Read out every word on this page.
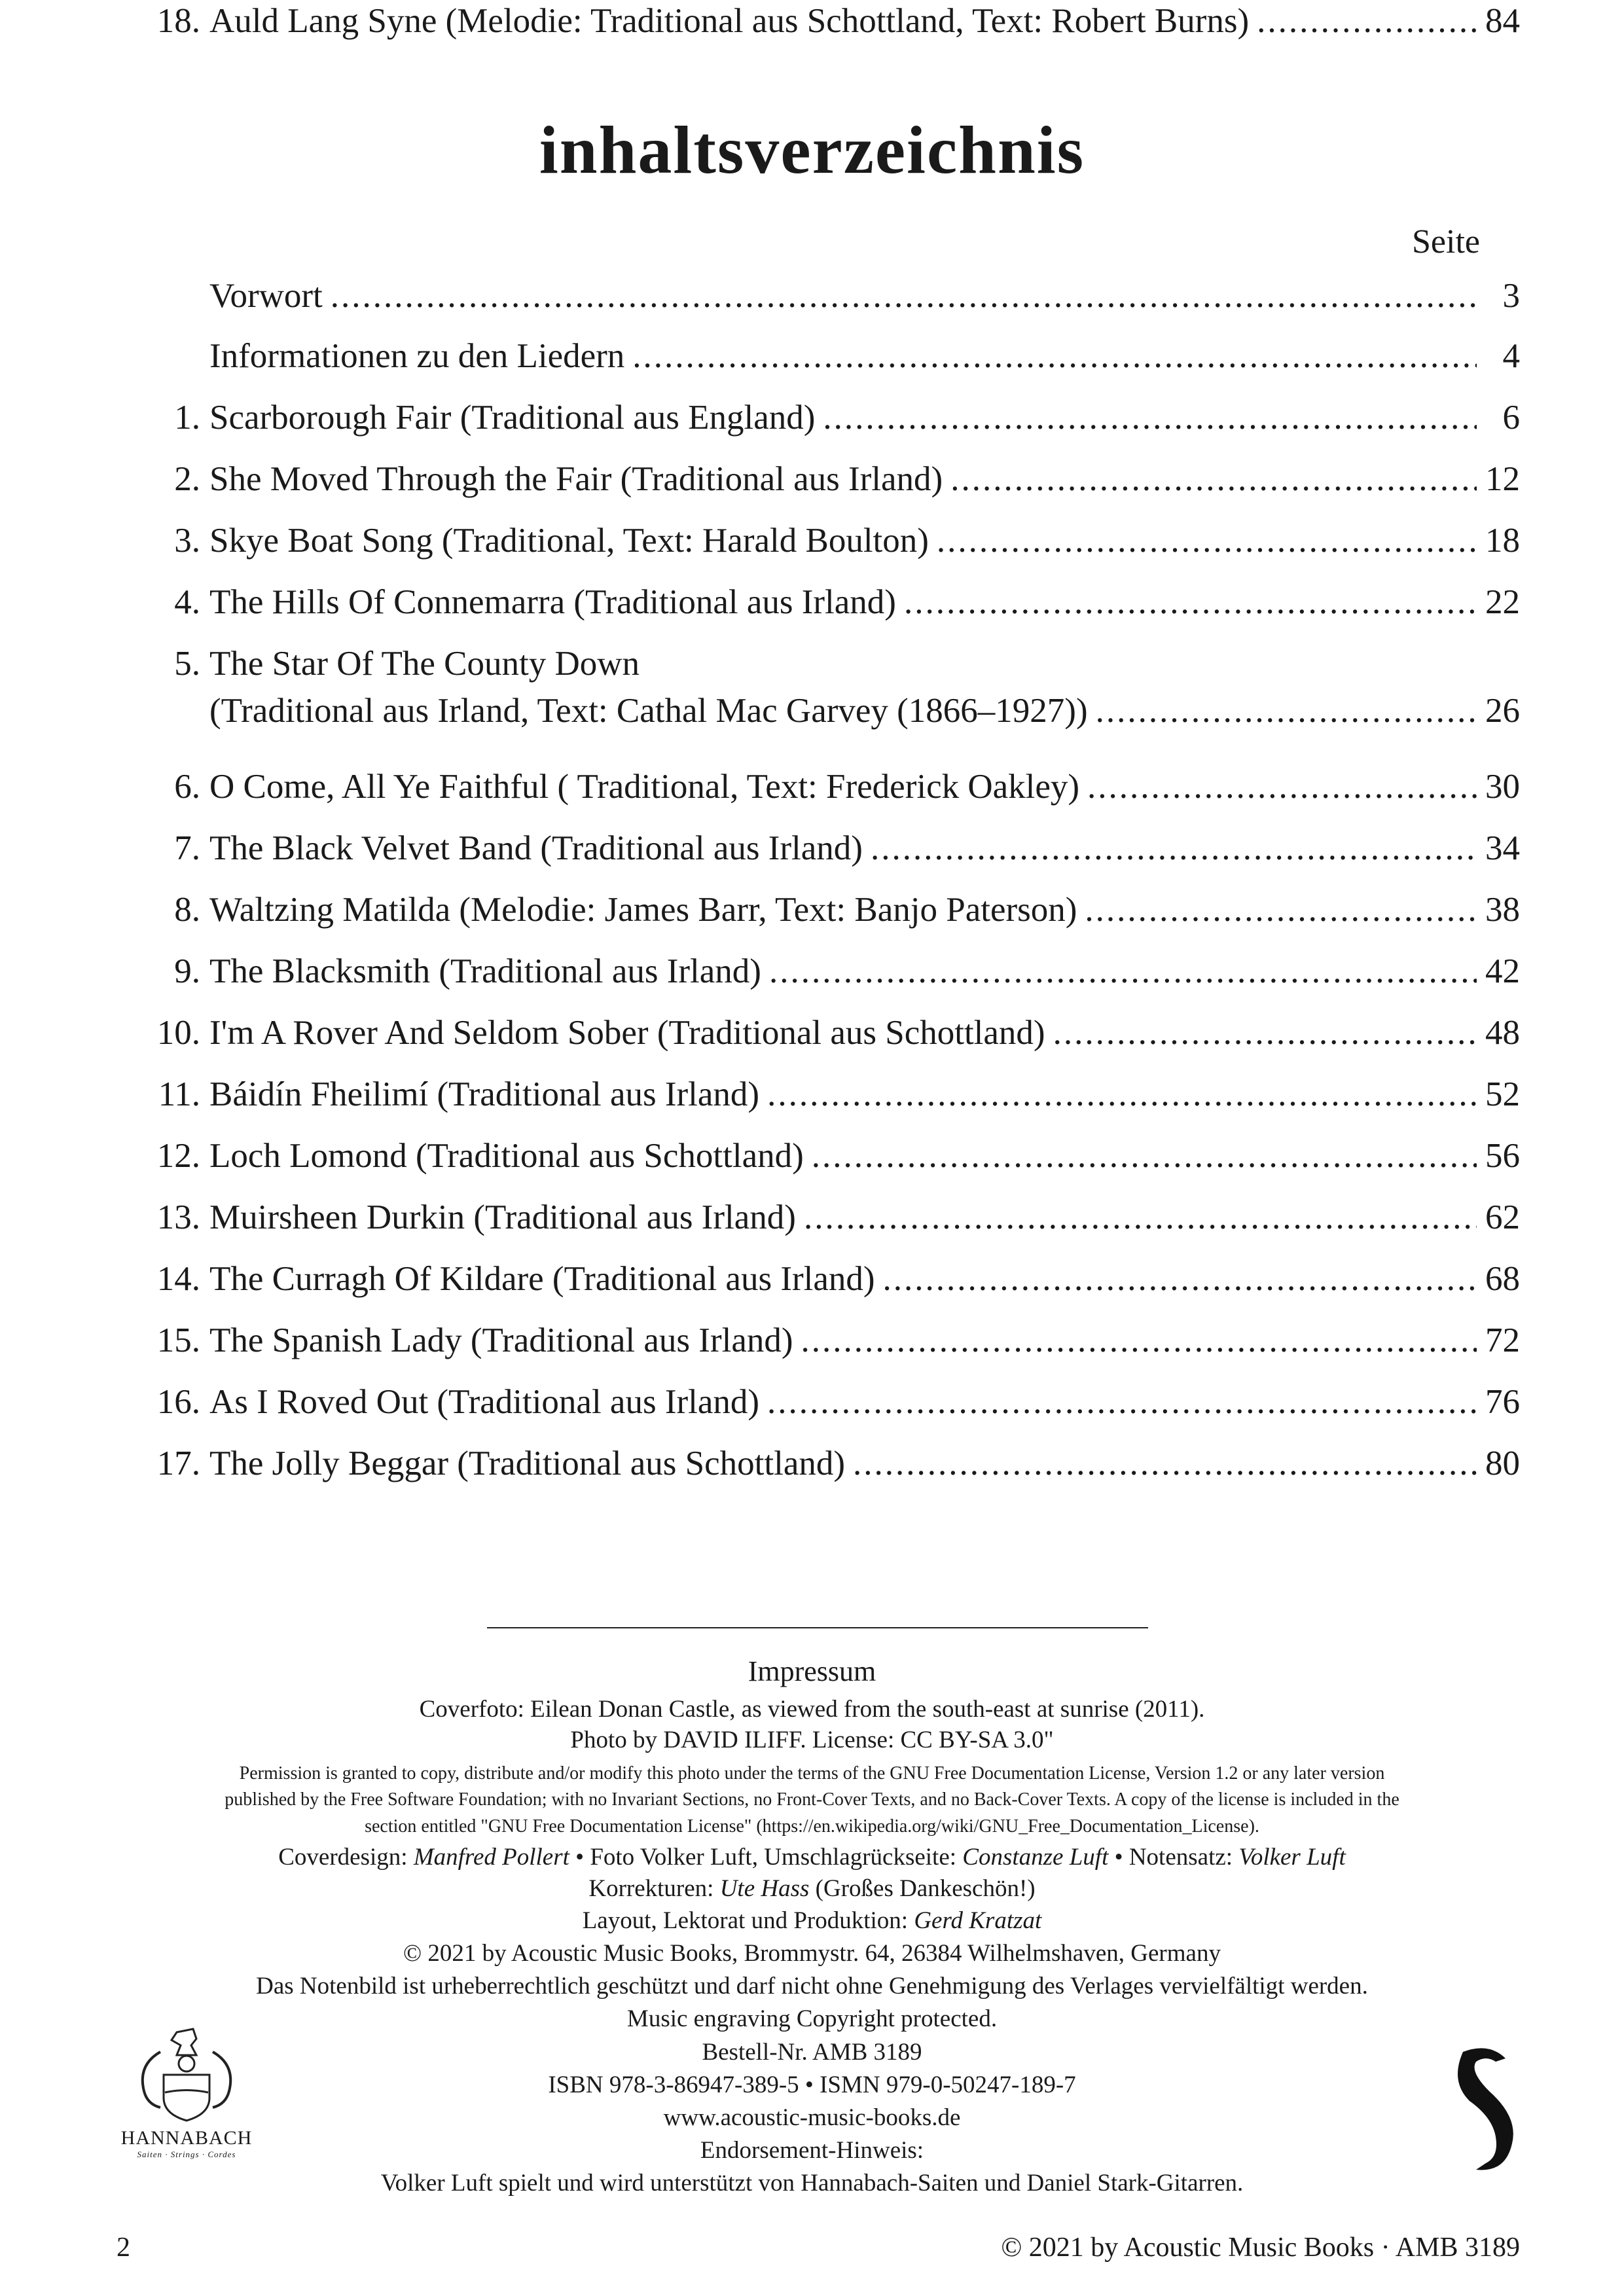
inhaltsverzeichnis
Seite
Vorwort .....	3
Informationen zu den Liedern .....	4
1. Scarborough Fair (Traditional aus England) .....	6
2. She Moved Through the Fair (Traditional aus Irland) .....	12
3. Skye Boat Song (Traditional, Text: Harald Boulton) .....	18
4. The Hills Of Connemarra (Traditional aus Irland) .....	22
5. The Star Of The County Down
(Traditional aus Irland, Text: Cathal Mac Garvey (1866–1927)) .....	26
6. O Come, All Ye Faithful ( Traditional, Text: Frederick Oakley) .....	30
7. The Black Velvet Band (Traditional aus Irland) .....	34
8. Waltzing Matilda (Melodie: James Barr, Text: Banjo Paterson) .....	38
9. The Blacksmith (Traditional aus Irland) .....	42
10. I'm A Rover And Seldom Sober (Traditional aus Schottland) .....	48
11. Báidín Fheilimí (Traditional aus Irland) .....	52
12. Loch Lomond (Traditional aus Schottland) .....	56
13. Muirsheen Durkin (Traditional aus Irland) .....	62
14. The Curragh Of Kildare (Traditional aus Irland) .....	68
15. The Spanish Lady (Traditional aus Irland) .....	72
16. As I Roved Out (Traditional aus Irland) .....	76
17. The Jolly Beggar (Traditional aus Schottland) .....	80
18. Auld Lang Syne (Melodie: Traditional aus Schottland, Text: Robert Burns) .....	84
Impressum
Coverfoto: Eilean Donan Castle, as viewed from the south-east at sunrise (2011).
Photo by DAVID ILIFF. License: CC BY-SA 3.0"
Permission is granted to copy, distribute and/or modify this photo under the terms of the GNU Free Documentation License, Version 1.2 or any later version
published by the Free Software Foundation; with no Invariant Sections, no Front-Cover Texts, and no Back-Cover Texts. A copy of the license is included in the
section entitled "GNU Free Documentation License" (https://en.wikipedia.org/wiki/GNU_Free_Documentation_License).
Coverdesign: Manfred Pollert • Foto Volker Luft, Umschlagrückseite: Constanze Luft • Notensatz: Volker Luft
Korrekturen: Ute Hass (Großes Dankeschön!)
Layout, Lektorat und Produktion: Gerd Kratzat
© 2021 by Acoustic Music Books, Brommystr. 64, 26384 Wilhelmshaven, Germany
Das Notenbild ist urheberrechtlich geschützt und darf nicht ohne Genehmigung des Verlages vervielfältigt werden.
Music engraving Copyright protected.
Bestell-Nr. AMB 3189
ISBN 978-3-86947-389-5 • ISMN 979-0-50247-189-7
www.acoustic-music-books.de
Endorsement-Hinweis:
Volker Luft spielt und wird unterstützt von Hannabach-Saiten und Daniel Stark-Gitarren.
HANNABACH
Saiten · Strings · Cordes
2	© 2021 by Acoustic Music Books · AMB 3189
